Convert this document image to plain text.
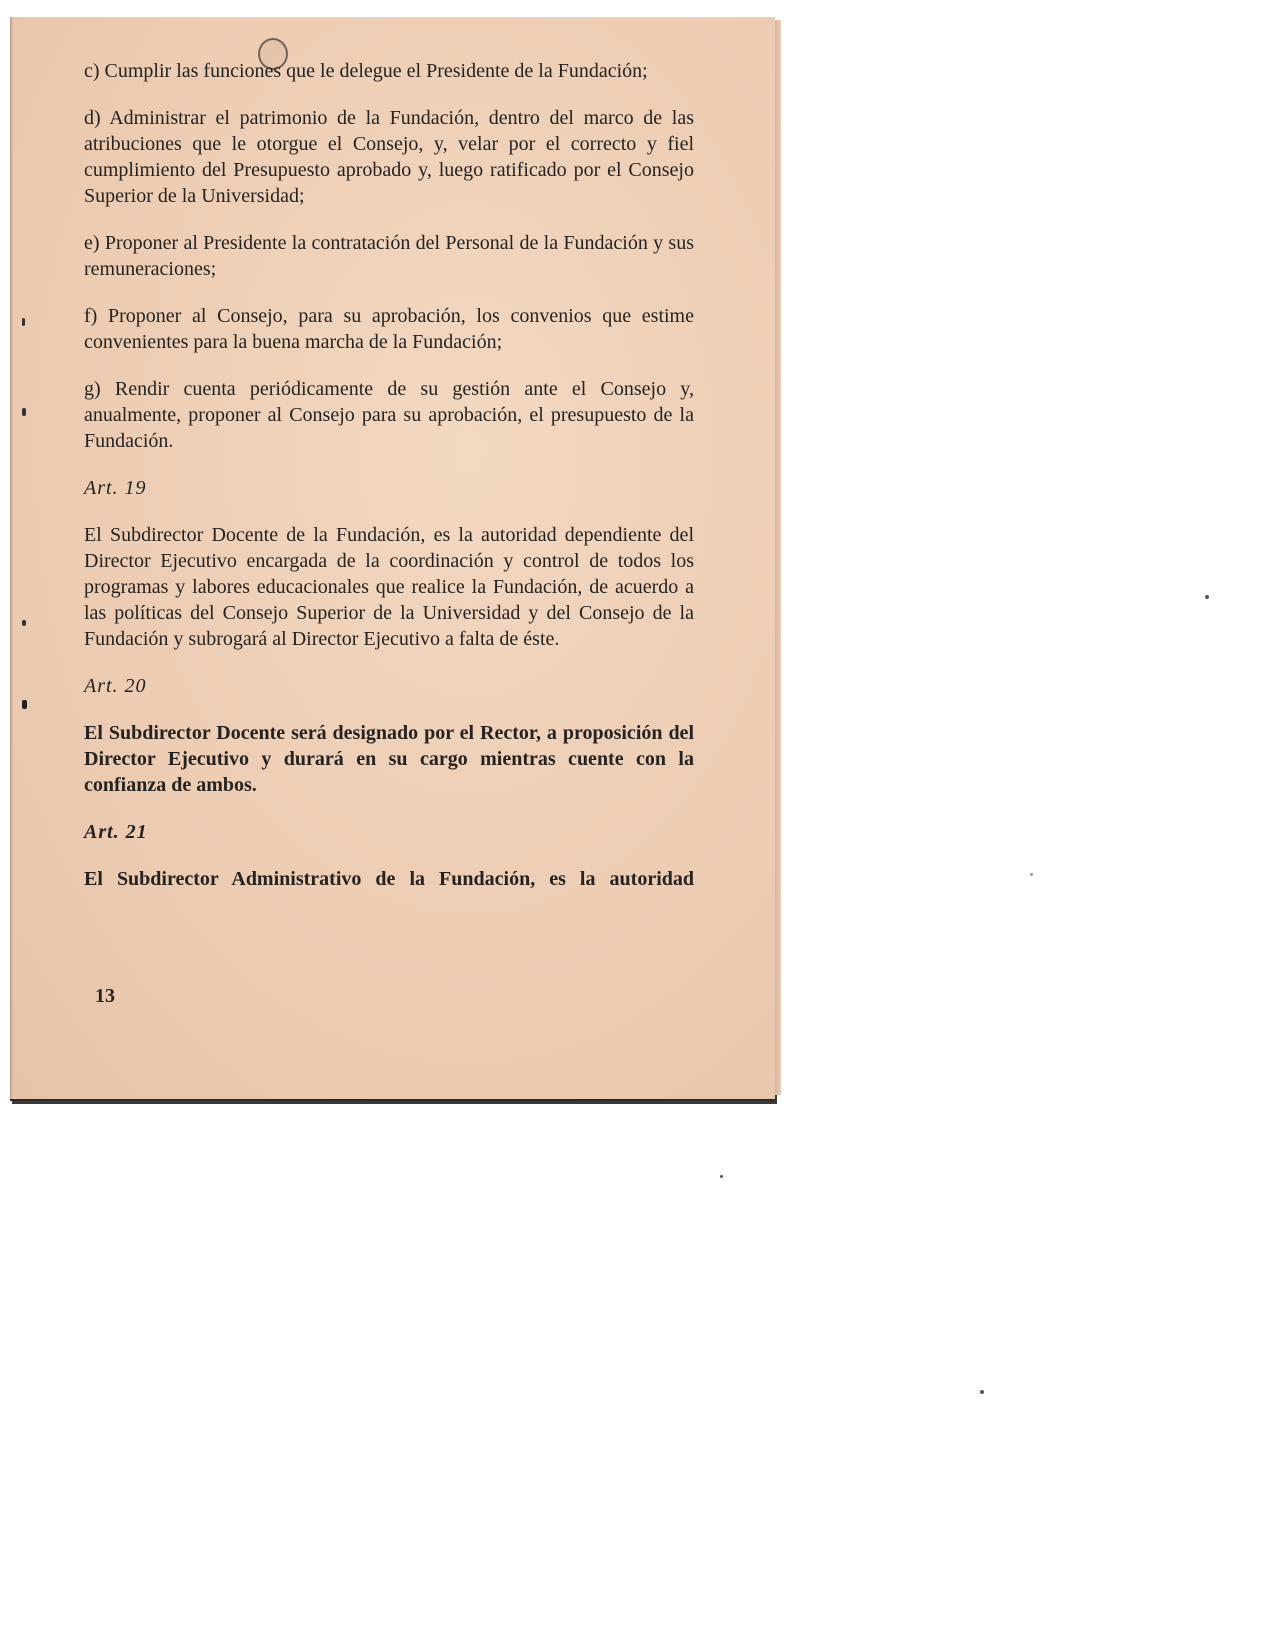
c) Cumplir las funciones que le delegue el Presidente de la Fundación;

d) Administrar el patrimonio de la Fundación, dentro del marco de las atribuciones que le otorgue el Consejo, y, velar por el correcto y fiel cumplimiento del Presupuesto aprobado y, luego ratificado por el Consejo Superior de la Universidad;

e) Proponer al Presidente la contratación del Personal de la Fundación y sus remuneraciones;

f) Proponer al Consejo, para su aprobación, los convenios que estime convenientes para la buena marcha de la Fundación;

g) Rendir cuenta periódicamente de su gestión ante el Consejo y, anualmente, proponer al Consejo para su aprobación, el presupuesto de la Fundación.

Art. 19

El Subdirector Docente de la Fundación, es la autoridad dependiente del Director Ejecutivo encargada de la coordinación y control de todos los programas y labores educacionales que realice la Fundación, de acuerdo a las políticas del Consejo Superior de la Universidad y del Consejo de la Fundación y subrogará al Director Ejecutivo a falta de éste.

Art. 20

El Subdirector Docente será designado por el Rector, a proposición del Director Ejecutivo y durará en su cargo mientras cuente con la confianza de ambos.

Art. 21

El Subdirector Administrativo de la Fundación, es la autoridad

13
